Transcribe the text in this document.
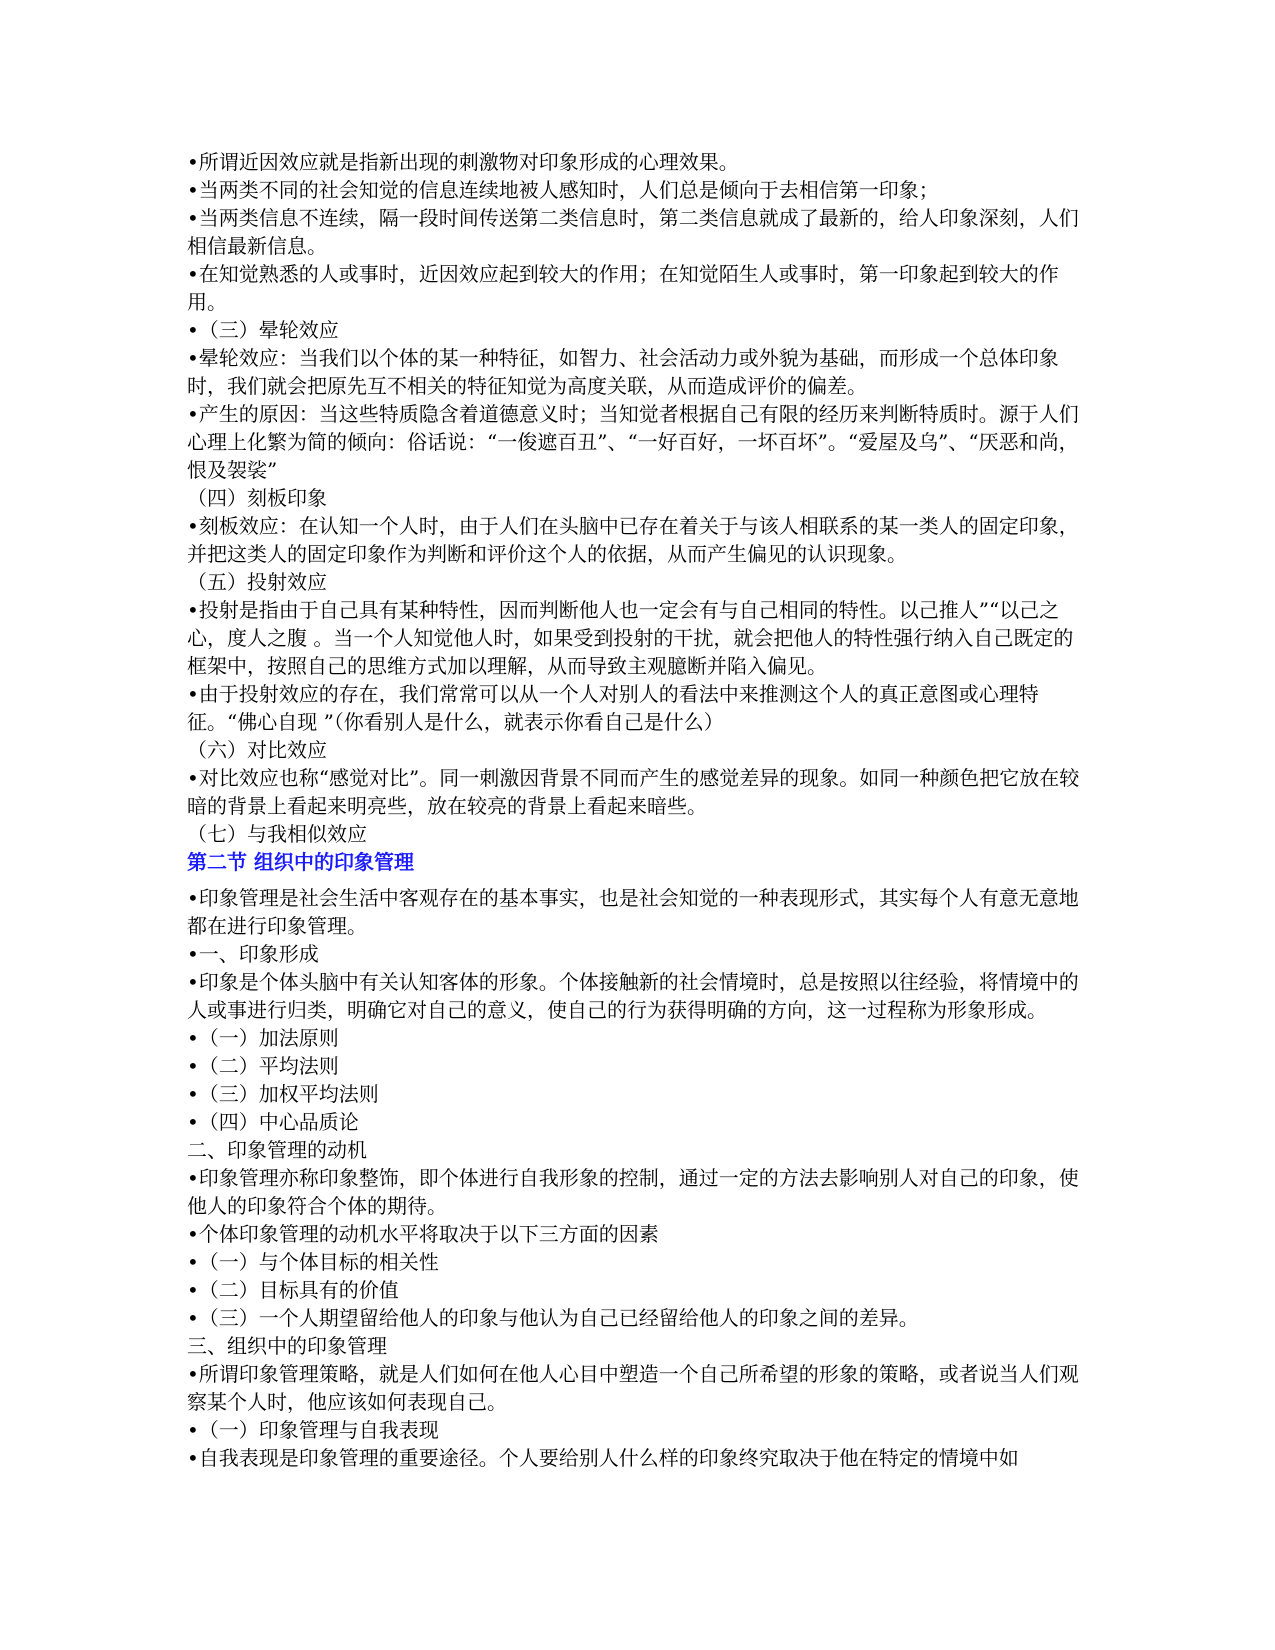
•所谓近因效应就是指新出现的刺激物对印象形成的心理效果。

•当两类不同的社会知觉的信息连续地被人感知时，人们总是倾向于去相信第一印象；

•当两类信息不连续，隔一段时间传送第二类信息时，第二类信息就成了最新的，给人印象深刻，人们相信最新信息。

•在知觉熟悉的人或事时，近因效应起到较大的作用；在知觉陌生人或事时，第一印象起到较大的作用。

•（三）晕轮效应

•晕轮效应：当我们以个体的某一种特征，如智力、社会活动力或外貌为基础，而形成一个总体印象时，我们就会把原先互不相关的特征知觉为高度关联，从而造成评价的偏差。

•产生的原因：当这些特质隐含着道德意义时；当知觉者根据自己有限的经历来判断特质时。源于人们心理上化繁为简的倾向：俗话说：“一俊遮百丑”、“一好百好，一坏百坏”。“爱屋及乌”、“厌恶和尚，恨及袈裟”

（四）刻板印象

•刻板效应：在认知一个人时，由于人们在头脑中已存在着关于与该人相联系的某一类人的固定印象，并把这类人的固定印象作为判断和评价这个人的依据，从而产生偏见的认识现象。

（五）投射效应

•投射是指由于自己具有某种特性，因而判断他人也一定会有与自己相同的特性。以己推人”“以己之心，度人之腹 。当一个人知觉他人时，如果受到投射的干扰，就会把他人的特性强行纳入自己既定的框架中，按照自己的思维方式加以理解，从而导致主观臆断并陷入偏见。

•由于投射效应的存在，我们常常可以从一个人对别人的看法中来推测这个人的真正意图或心理特征。“佛心自现 ”（你看别人是什么，就表示你看自己是什么）

（六）对比效应

•对比效应也称“感觉对比”。同一刺激因背景不同而产生的感觉差异的现象。如同一种颜色把它放在较暗的背景上看起来明亮些，放在较亮的背景上看起来暗些。

（七）与我相似效应

第二节 组织中的印象管理

•印象管理是社会生活中客观存在的基本事实，也是社会知觉的一种表现形式，其实每个人有意无意地都在进行印象管理。

•一、印象形成

•印象是个体头脑中有关认知客体的形象。个体接触新的社会情境时，总是按照以往经验，将情境中的人或事进行归类，明确它对自己的意义，使自己的行为获得明确的方向，这一过程称为形象形成。

•（一）加法原则

•（二）平均法则

•（三）加权平均法则

•（四）中心品质论

二、印象管理的动机

•印象管理亦称印象整饰，即个体进行自我形象的控制，通过一定的方法去影响别人对自己的印象，使他人的印象符合个体的期待。

•个体印象管理的动机水平将取决于以下三方面的因素

•（一）与个体目标的相关性

•（二）目标具有的价值

•（三）一个人期望留给他人的印象与他认为自己已经留给他人的印象之间的差异。

三、组织中的印象管理

•所谓印象管理策略，就是人们如何在他人心目中塑造一个自己所希望的形象的策略，或者说当人们观察某个人时，他应该如何表现自己。

•（一）印象管理与自我表现

•自我表现是印象管理的重要途径。个人要给别人什么样的印象终究取决于他在特定的情境中如
